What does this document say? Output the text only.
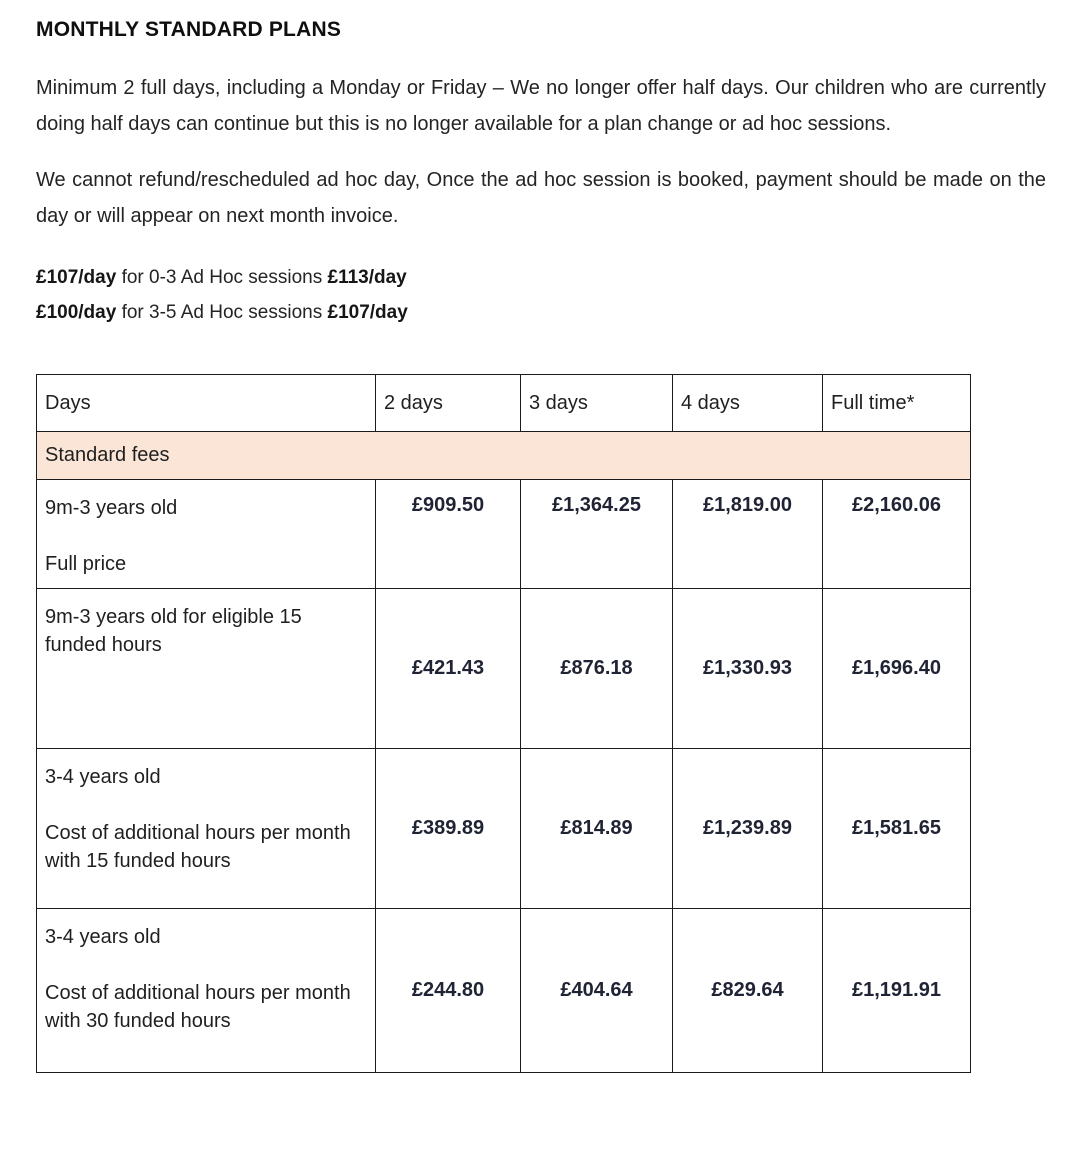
MONTHLY STANDARD PLANS

Minimum 2 full days, including a Monday or Friday – We no longer offer half days. Our children who are currently doing half days can continue but this is no longer available for a plan change or ad hoc sessions.

We cannot refund/rescheduled ad hoc day, Once the ad hoc session is booked, payment should be made on the day or will appear on next month invoice.

£107/day for 0-3 Ad Hoc sessions £113/day

£100/day for 3-5 Ad Hoc sessions £107/day

Days	2 days	3 days	4 days	Full time*
Standard fees				

9m-3 years old

Full price	£909.50	£1,364.25	£1,819.00	£2,160.06

9m-3 years old for eligible 15 funded hours	£421.43	£876.18	£1,330.93	£1,696.40

3-4 years old

Cost of additional hours per month with 15 funded hours	£389.89	£814.89	£1,239.89	£1,581.65

3-4 years old

Cost of additional hours per month with 30 funded hours	£244.80	£404.64	£829.64	£1,191.91
